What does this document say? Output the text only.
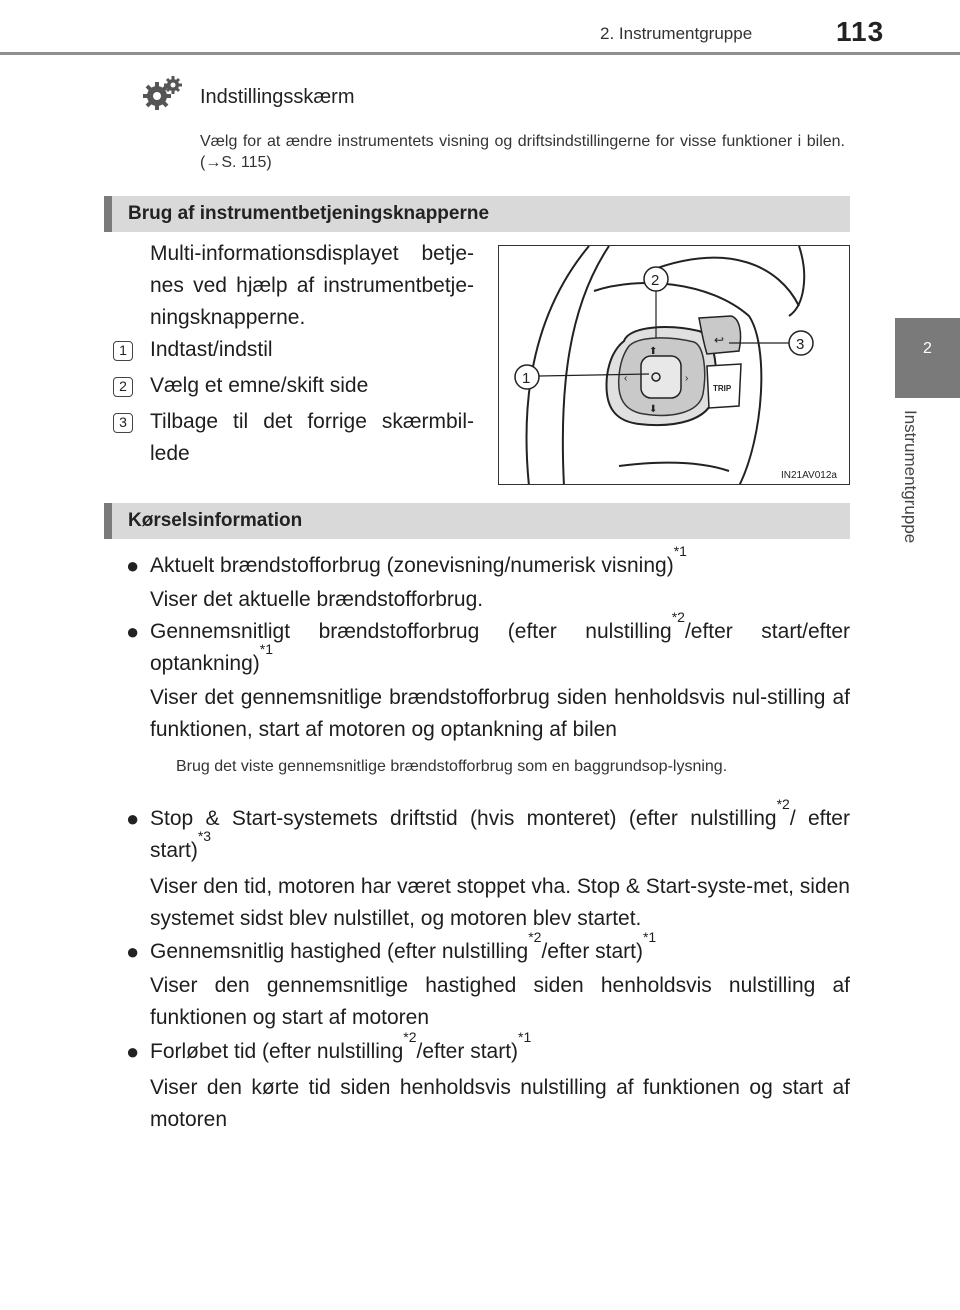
2. Instrumentgruppe	113
2
Instrumentgruppe
Indstillingsskærm
Vælg for at ændre instrumentets visning og driftsindstillingerne for visse funktioner i bilen. (→S. 115)
Brug af instrumentbetjeningsknapperne
Multi-informationsdisplayet betje-nes ved hjælp af instrumentbetje-ningsknapperne.
1 Indtast/indstil
2 Vælg et emne/skift side
3 Tilbage til det forrige skærmbil-lede
⬆
⬇
‹	›
↩
TRIP
2
3
1
IN21AV012a
Kørselsinformation
● Aktuelt brændstofforbrug (zonevisning/numerisk visning)$^{*1}$
Viser det aktuelle brændstofforbrug.
● Gennemsnitligt brændstofforbrug (efter nulstilling$^{*2}$/efter start/efter optankning)$^{*1}$
Viser det gennemsnitlige brændstofforbrug siden henholdsvis nul-stilling af funktionen, start af motoren og optankning af bilen
Brug det viste gennemsnitlige brændstofforbrug som en baggrundsop-lysning.
● Stop & Start-systemets driftstid (hvis monteret) (efter nulstilling$^{*2}$/ efter start)$^{*3}$
Viser den tid, motoren har været stoppet vha. Stop & Start-syste-met, siden systemet sidst blev nulstillet, og motoren blev startet.
● Gennemsnitlig hastighed (efter nulstilling$^{*2}$/efter start)$^{*1}$
Viser den gennemsnitlige hastighed siden henholdsvis nulstilling af funktionen og start af motoren
● Forløbet tid (efter nulstilling$^{*2}$/efter start)$^{*1}$
Viser den kørte tid siden henholdsvis nulstilling af funktionen og start af motoren
